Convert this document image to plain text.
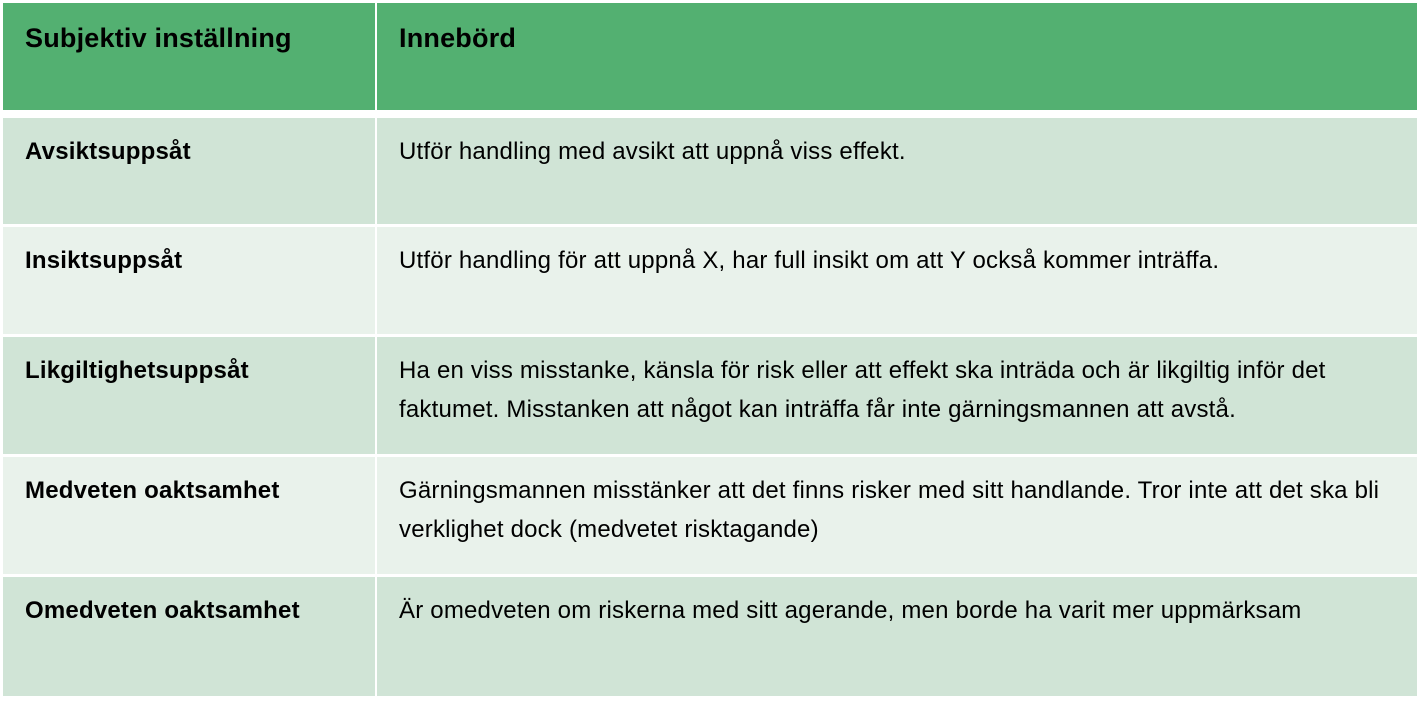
Subjektiv inställning	Innebörd
Avsiktsuppsåt	Utför handling med avsikt att uppnå viss effekt.
Insiktsuppsåt	Utför handling för att uppnå X, har full insikt om att Y också kommer inträffa.
Likgiltighetsuppsåt	Ha en viss misstanke, känsla för risk eller att effekt ska inträda och är likgiltig inför det faktumet. Misstanken att något kan inträffa får inte gärningsmannen att avstå.
Medveten oaktsamhet	Gärningsmannen misstänker att det finns risker med sitt handlande. Tror inte att det ska bli verklighet dock (medvetet risktagande)
Omedveten oaktsamhet	Är omedveten om riskerna med sitt agerande, men borde ha varit mer uppmärksam
